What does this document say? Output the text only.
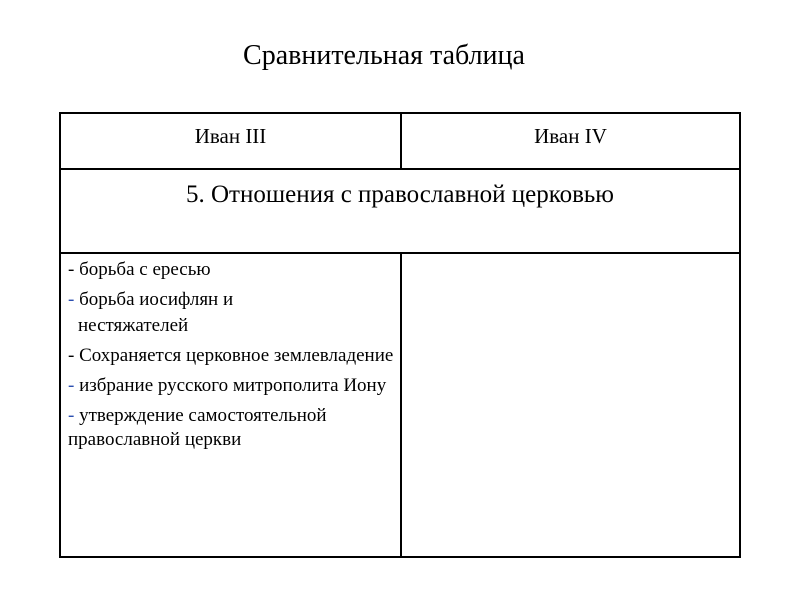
Сравнительная таблица
Иван III	Иван IV
5. Отношения с православной церковью
- борьба с ересью
- борьба иосифлян и
нестяжателей
- Сохраняется церковное землевладение
- избрание русского митрополита Иону
- утверждение самостоятельной православной церкви
